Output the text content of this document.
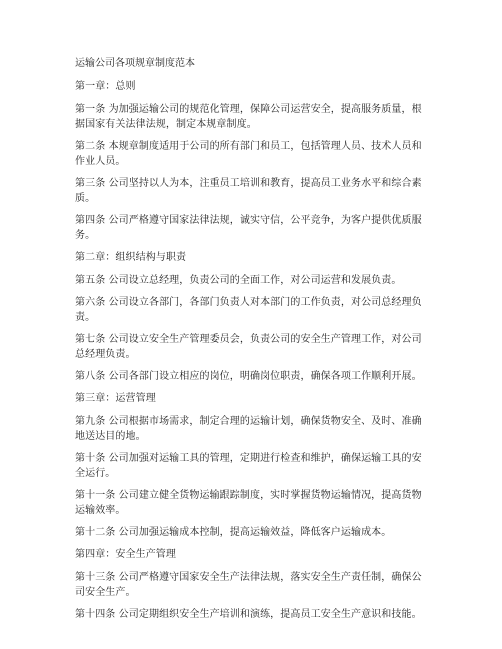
运输公司各项规章制度范本
第一章：总则
第一条 为加强运输公司的规范化管理，保障公司运营安全，提高服务质量，根据国家有关法律法规，制定本规章制度。
第二条 本规章制度适用于公司的所有部门和员工，包括管理人员、技术人员和作业人员。
第三条 公司坚持以人为本，注重员工培训和教育，提高员工业务水平和综合素质。
第四条 公司严格遵守国家法律法规，诚实守信，公平竞争，为客户提供优质服务。
第二章：组织结构与职责
第五条 公司设立总经理，负责公司的全面工作，对公司运营和发展负责。
第六条 公司设立各部门，各部门负责人对本部门的工作负责，对公司总经理负责。
第七条 公司设立安全生产管理委员会，负责公司的安全生产管理工作，对公司总经理负责。
第八条 公司各部门设立相应的岗位，明确岗位职责，确保各项工作顺利开展。
第三章：运营管理
第九条 公司根据市场需求，制定合理的运输计划，确保货物安全、及时、准确地送达目的地。
第十条 公司加强对运输工具的管理，定期进行检查和维护，确保运输工具的安全运行。
第十一条 公司建立健全货物运输跟踪制度，实时掌握货物运输情况，提高货物运输效率。
第十二条 公司加强运输成本控制，提高运输效益，降低客户运输成本。
第四章：安全生产管理
第十三条 公司严格遵守国家安全生产法律法规，落实安全生产责任制，确保公司安全生产。
第十四条 公司定期组织安全生产培训和演练，提高员工安全生产意识和技能。
